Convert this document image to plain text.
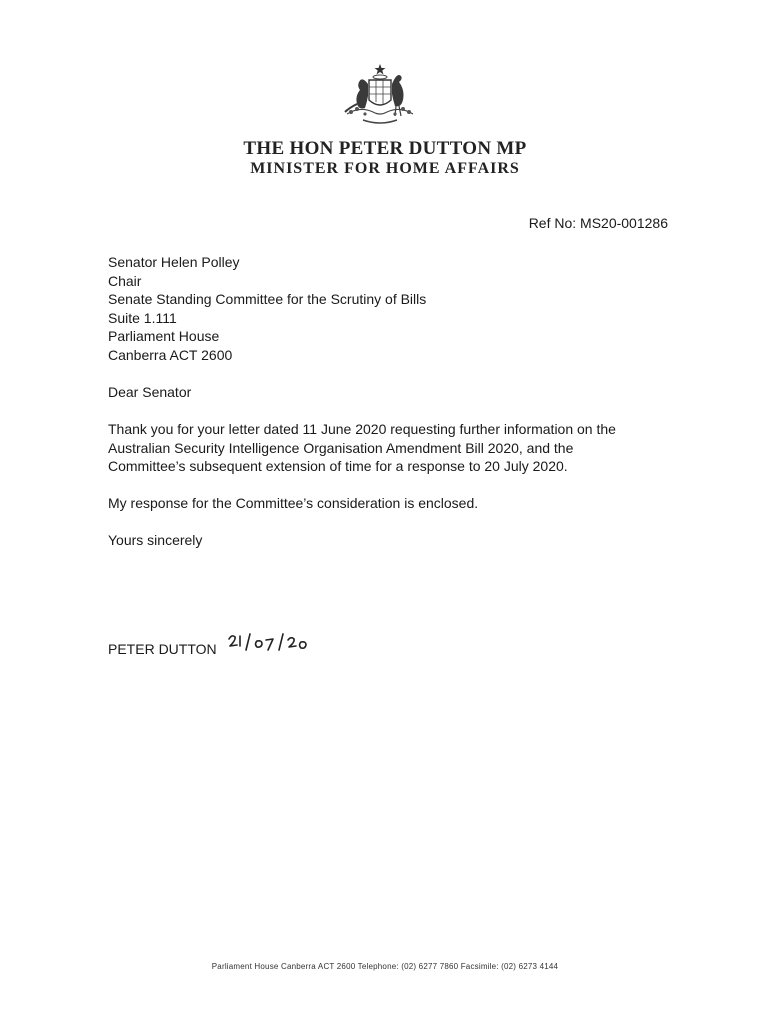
THE HON PETER DUTTON MP
MINISTER FOR HOME AFFAIRS
Ref No: MS20-001286
Senator Helen Polley
Chair
Senate Standing Committee for the Scrutiny of Bills
Suite 1.111
Parliament House
Canberra ACT 2600
Dear Senator
Thank you for your letter dated 11 June 2020 requesting further information on the
Australian Security Intelligence Organisation Amendment Bill 2020, and the
Committee’s subsequent extension of time for a response to 20 July 2020.
My response for the Committee’s consideration is enclosed.
Yours sincerely
PETER DUTTON
Parliament House Canberra ACT 2600 Telephone: (02) 6277 7860 Facsimile: (02) 6273 4144
